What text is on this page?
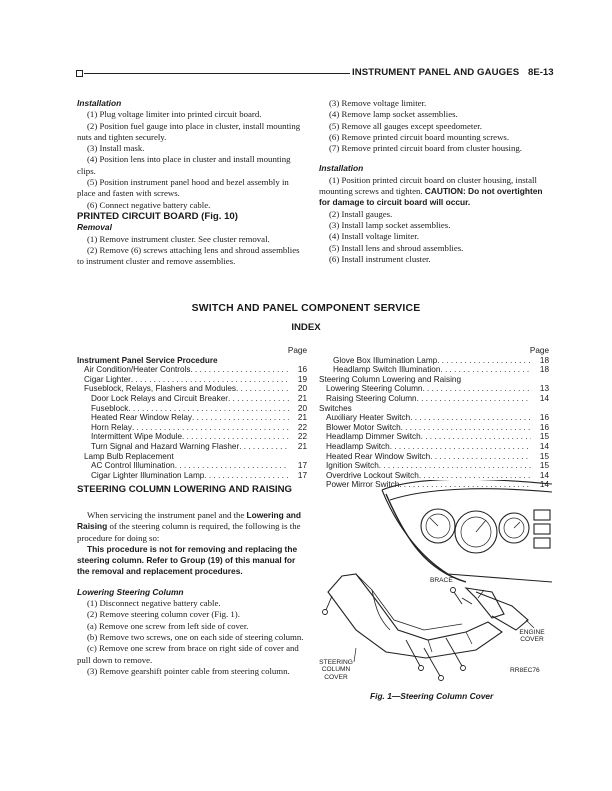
INSTRUMENT PANEL AND GAUGES 8E-13

Installation

(1) Plug voltage limiter into printed circuit board.

(2) Position fuel gauge into place in cluster, install mounting nuts and tighten securely.

(3) Install mask.

(4) Position lens into place in cluster and install mounting clips.

(5) Position instrument panel hood and bezel assembly in place and fasten with screws.

(6) Connect negative battery cable.

PRINTED CIRCUIT BOARD (Fig. 10)

Removal

(1) Remove instrument cluster. See cluster removal.

(2) Remove (6) screws attaching lens and shroud assemblies to instrument cluster and remove assemblies.

(3) Remove voltage limiter.

(4) Remove lamp socket assemblies.

(5) Remove all gauges except speedometer.

(6) Remove printed circuit board mounting screws.

(7) Remove printed circuit board from cluster housing.

Installation

(1) Position printed circuit board on cluster housing, install mounting screws and tighten. CAUTION: Do not overtighten for damage to circuit board will occur.

(2) Install gauges.

(3) Install lamp socket assemblies.

(4) Install voltage limiter.

(5) Install lens and shroud assemblies.

(6) Install instrument cluster.

SWITCH AND PANEL COMPONENT SERVICE
INDEX
Page
Instrument Panel Service Procedure
Air Condition/Heater Controls . . .	16
Cigar Lighter . . .	19
Fuseblock, Relays, Flashers and Modules . . .	20
Door Lock Relays and Circuit Breaker . . .	21
Fuseblock . . .	20
Heated Rear Window Relay . . .	21
Horn Relay . . .	22
Intermittent Wipe Module . . .	22
Turn Signal and Hazard Warning Flasher . . .	21
Lamp Bulb Replacement
AC Control Illumination . . .	17
Cigar Lighter Illumination Lamp . . .	17
Page
Glove Box Illumination Lamp . . .	18
Headlamp Switch Illumination . . .	18
Steering Column Lowering and Raising
Lowering Steering Column . . .	13
Raising Steering Column . . .	14
Switches
Auxiliary Heater Switch . . .	16
Blower Motor Switch . . .	16
Headlamp Dimmer Switch . . .	15
Headlamp Switch . . .	14
Heated Rear Window Switch . . .	15
Ignition Switch . . .	15
Overdrive Lockout Switch . . .	14
Power Mirror Switch . . .	14
STEERING COLUMN LOWERING AND RAISING

When servicing the instrument panel and the Lowering and Raising of the steering column is required, the following is the procedure for doing so:

This procedure is not for removing and replacing the steering column. Refer to Group (19) of this manual for the removal and replacement procedures.

Lowering Steering Column

(1) Disconnect negative battery cable.

(2) Remove steering column cover (Fig. 1).

(a) Remove one screw from left side of cover.

(b) Remove two screws, one on each side of steering column.

(c) Remove one screw from brace on right side of cover and pull down to remove.

(3) Remove gearshift pointer cable from steering column.

BRACE
ENGINE
COVER
STEERING
COLUMN
COVER
RR8EC76
Fig. 1—Steering Column Cover
